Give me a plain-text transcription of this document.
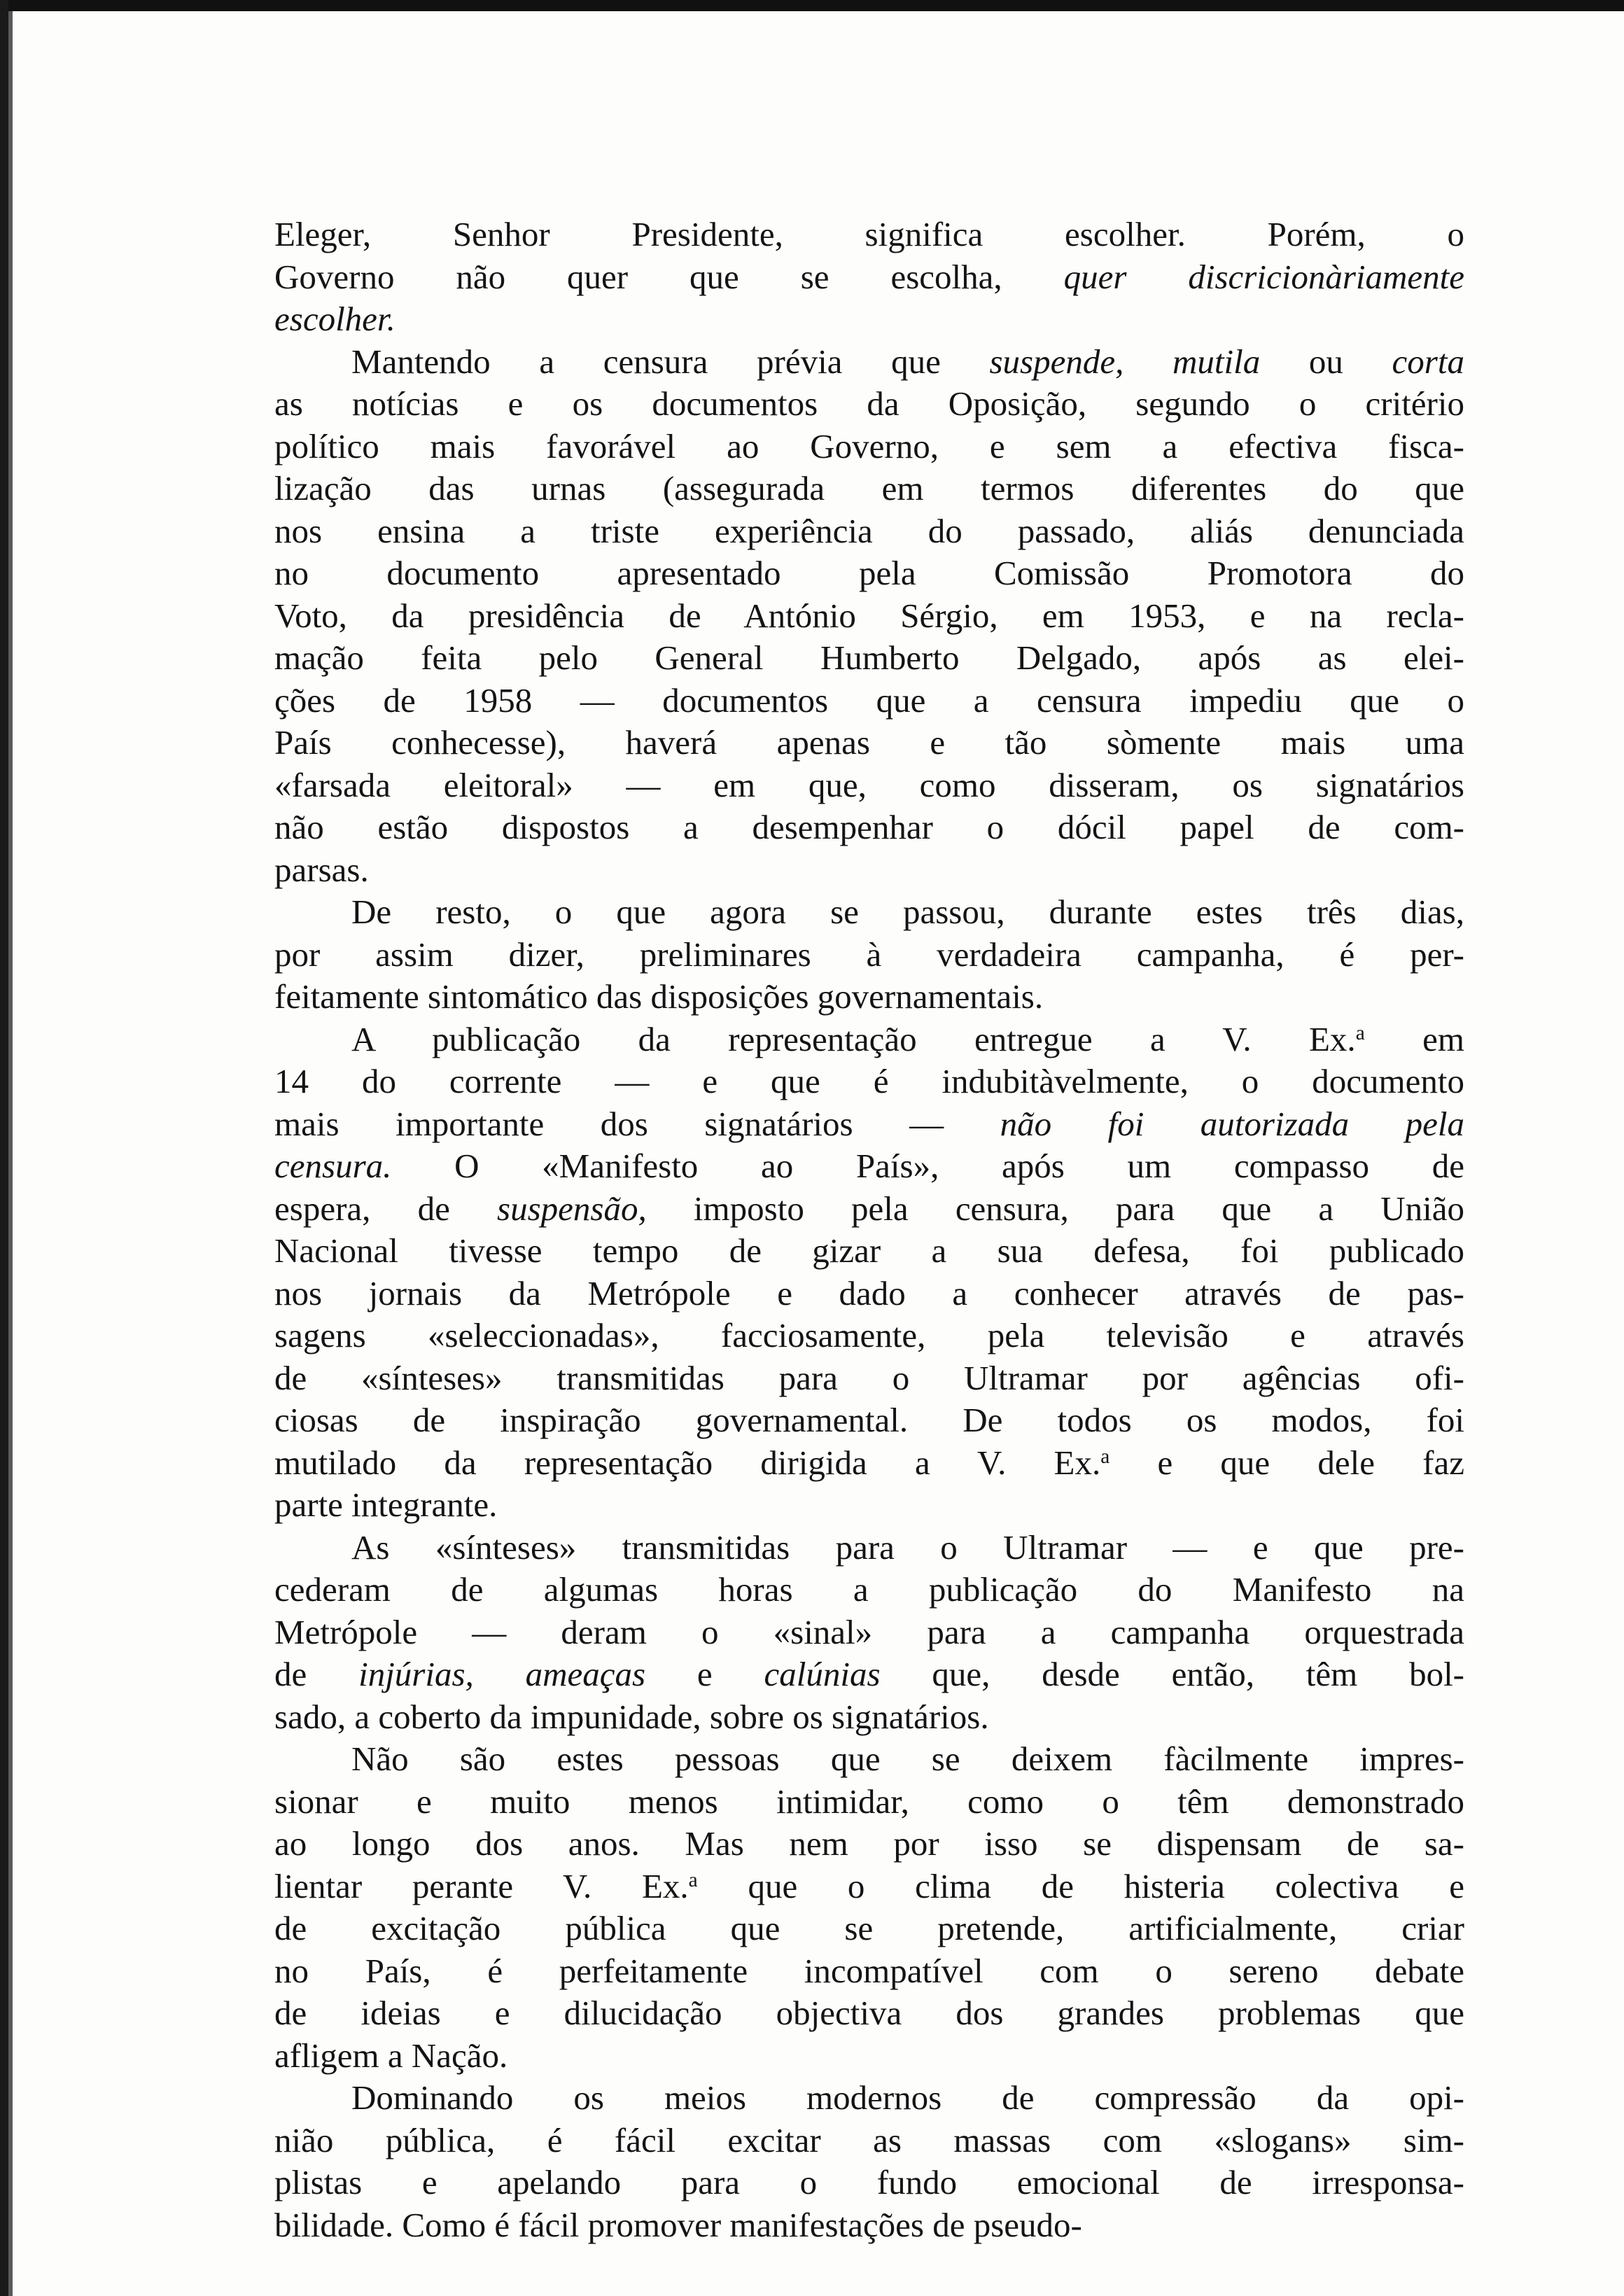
Eleger, Senhor Presidente, significa escolher. Porém, o
Governo não quer que se escolha, quer discricionàriamente
escolher.
Mantendo a censura prévia que suspende, mutila ou corta
as notícias e os documentos da Oposição, segundo o critério
político mais favorável ao Governo, e sem a efectiva fisca-
lização das urnas (assegurada em termos diferentes do que
nos ensina a triste experiência do passado, aliás denunciada
no documento apresentado pela Comissão Promotora do
Voto, da presidência de António Sérgio, em 1953, e na recla-
mação feita pelo General Humberto Delgado, após as elei-
ções de 1958 — documentos que a censura impediu que o
País conhecesse), haverá apenas e tão sòmente mais uma
«farsada eleitoral» — em que, como disseram, os signatários
não estão dispostos a desempenhar o dócil papel de com-
parsas.
De resto, o que agora se passou, durante estes três dias,
por assim dizer, preliminares à verdadeira campanha, é per-
feitamente sintomático das disposições governamentais.
A publicação da representação entregue a V. Ex.$^a$ em
14 do corrente — e que é indubitàvelmente, o documento
mais importante dos signatários — não foi autorizada pela
censura. O «Manifesto ao País», após um compasso de
espera, de suspensão, imposto pela censura, para que a União
Nacional tivesse tempo de gizar a sua defesa, foi publicado
nos jornais da Metrópole e dado a conhecer através de pas-
sagens «seleccionadas», facciosamente, pela televisão e através
de «sínteses» transmitidas para o Ultramar por agências ofi-
ciosas de inspiração governamental. De todos os modos, foi
mutilado da representação dirigida a V. Ex.$^a$ e que dele faz
parte integrante.
As «sínteses» transmitidas para o Ultramar — e que pre-
cederam de algumas horas a publicação do Manifesto na
Metrópole — deram o «sinal» para a campanha orquestrada
de injúrias, ameaças e calúnias que, desde então, têm bol-
sado, a coberto da impunidade, sobre os signatários.
Não são estes pessoas que se deixem fàcilmente impres-
sionar e muito menos intimidar, como o têm demonstrado
ao longo dos anos. Mas nem por isso se dispensam de sa-
lientar perante V. Ex.$^a$ que o clima de histeria colectiva e
de excitação pública que se pretende, artificialmente, criar
no País, é perfeitamente incompatível com o sereno debate
de ideias e dilucidação objectiva dos grandes problemas que
afligem a Nação.
Dominando os meios modernos de compressão da opi-
nião pública, é fácil excitar as massas com «slogans» sim-
plistas e apelando para o fundo emocional de irresponsa-
bilidade. Como é fácil promover manifestações de pseudo-
